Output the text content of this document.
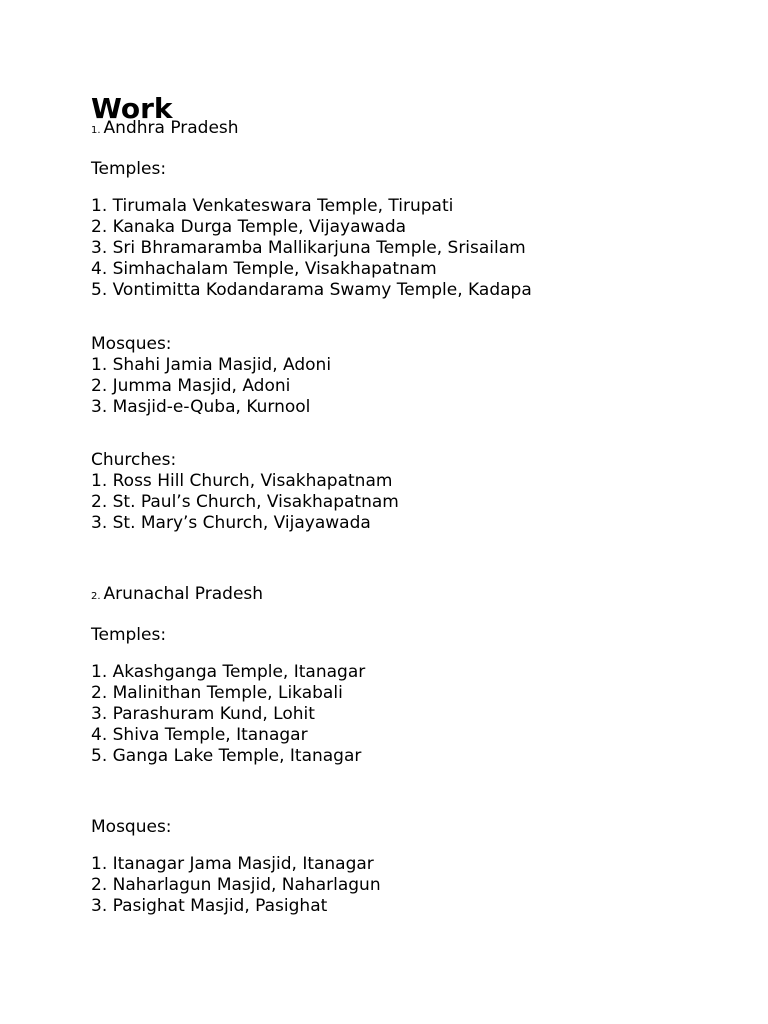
Work
1. Andhra Pradesh

Temples:

1. Tirumala Venkateswara Temple, Tirupati
2. Kanaka Durga Temple, Vijayawada
3. Sri Bhramaramba Mallikarjuna Temple, Srisailam
4. Simhachalam Temple, Visakhapatnam
5. Vontimitta Kodandarama Swamy Temple, Kadapa

Mosques:

1. Shahi Jamia Masjid, Adoni
2. Jumma Masjid, Adoni
3. Masjid-e-Quba, Kurnool

Churches:

1. Ross Hill Church, Visakhapatnam
2. St. Paul’s Church, Visakhapatnam
3. St. Mary’s Church, Vijayawada
2. Arunachal Pradesh

Temples:

1. Akashganga Temple, Itanagar
2. Malinithan Temple, Likabali
3. Parashuram Kund, Lohit
4. Shiva Temple, Itanagar
5. Ganga Lake Temple, Itanagar

Mosques:

1. Itanagar Jama Masjid, Itanagar
2. Naharlagun Masjid, Naharlagun
3. Pasighat Masjid, Pasighat
